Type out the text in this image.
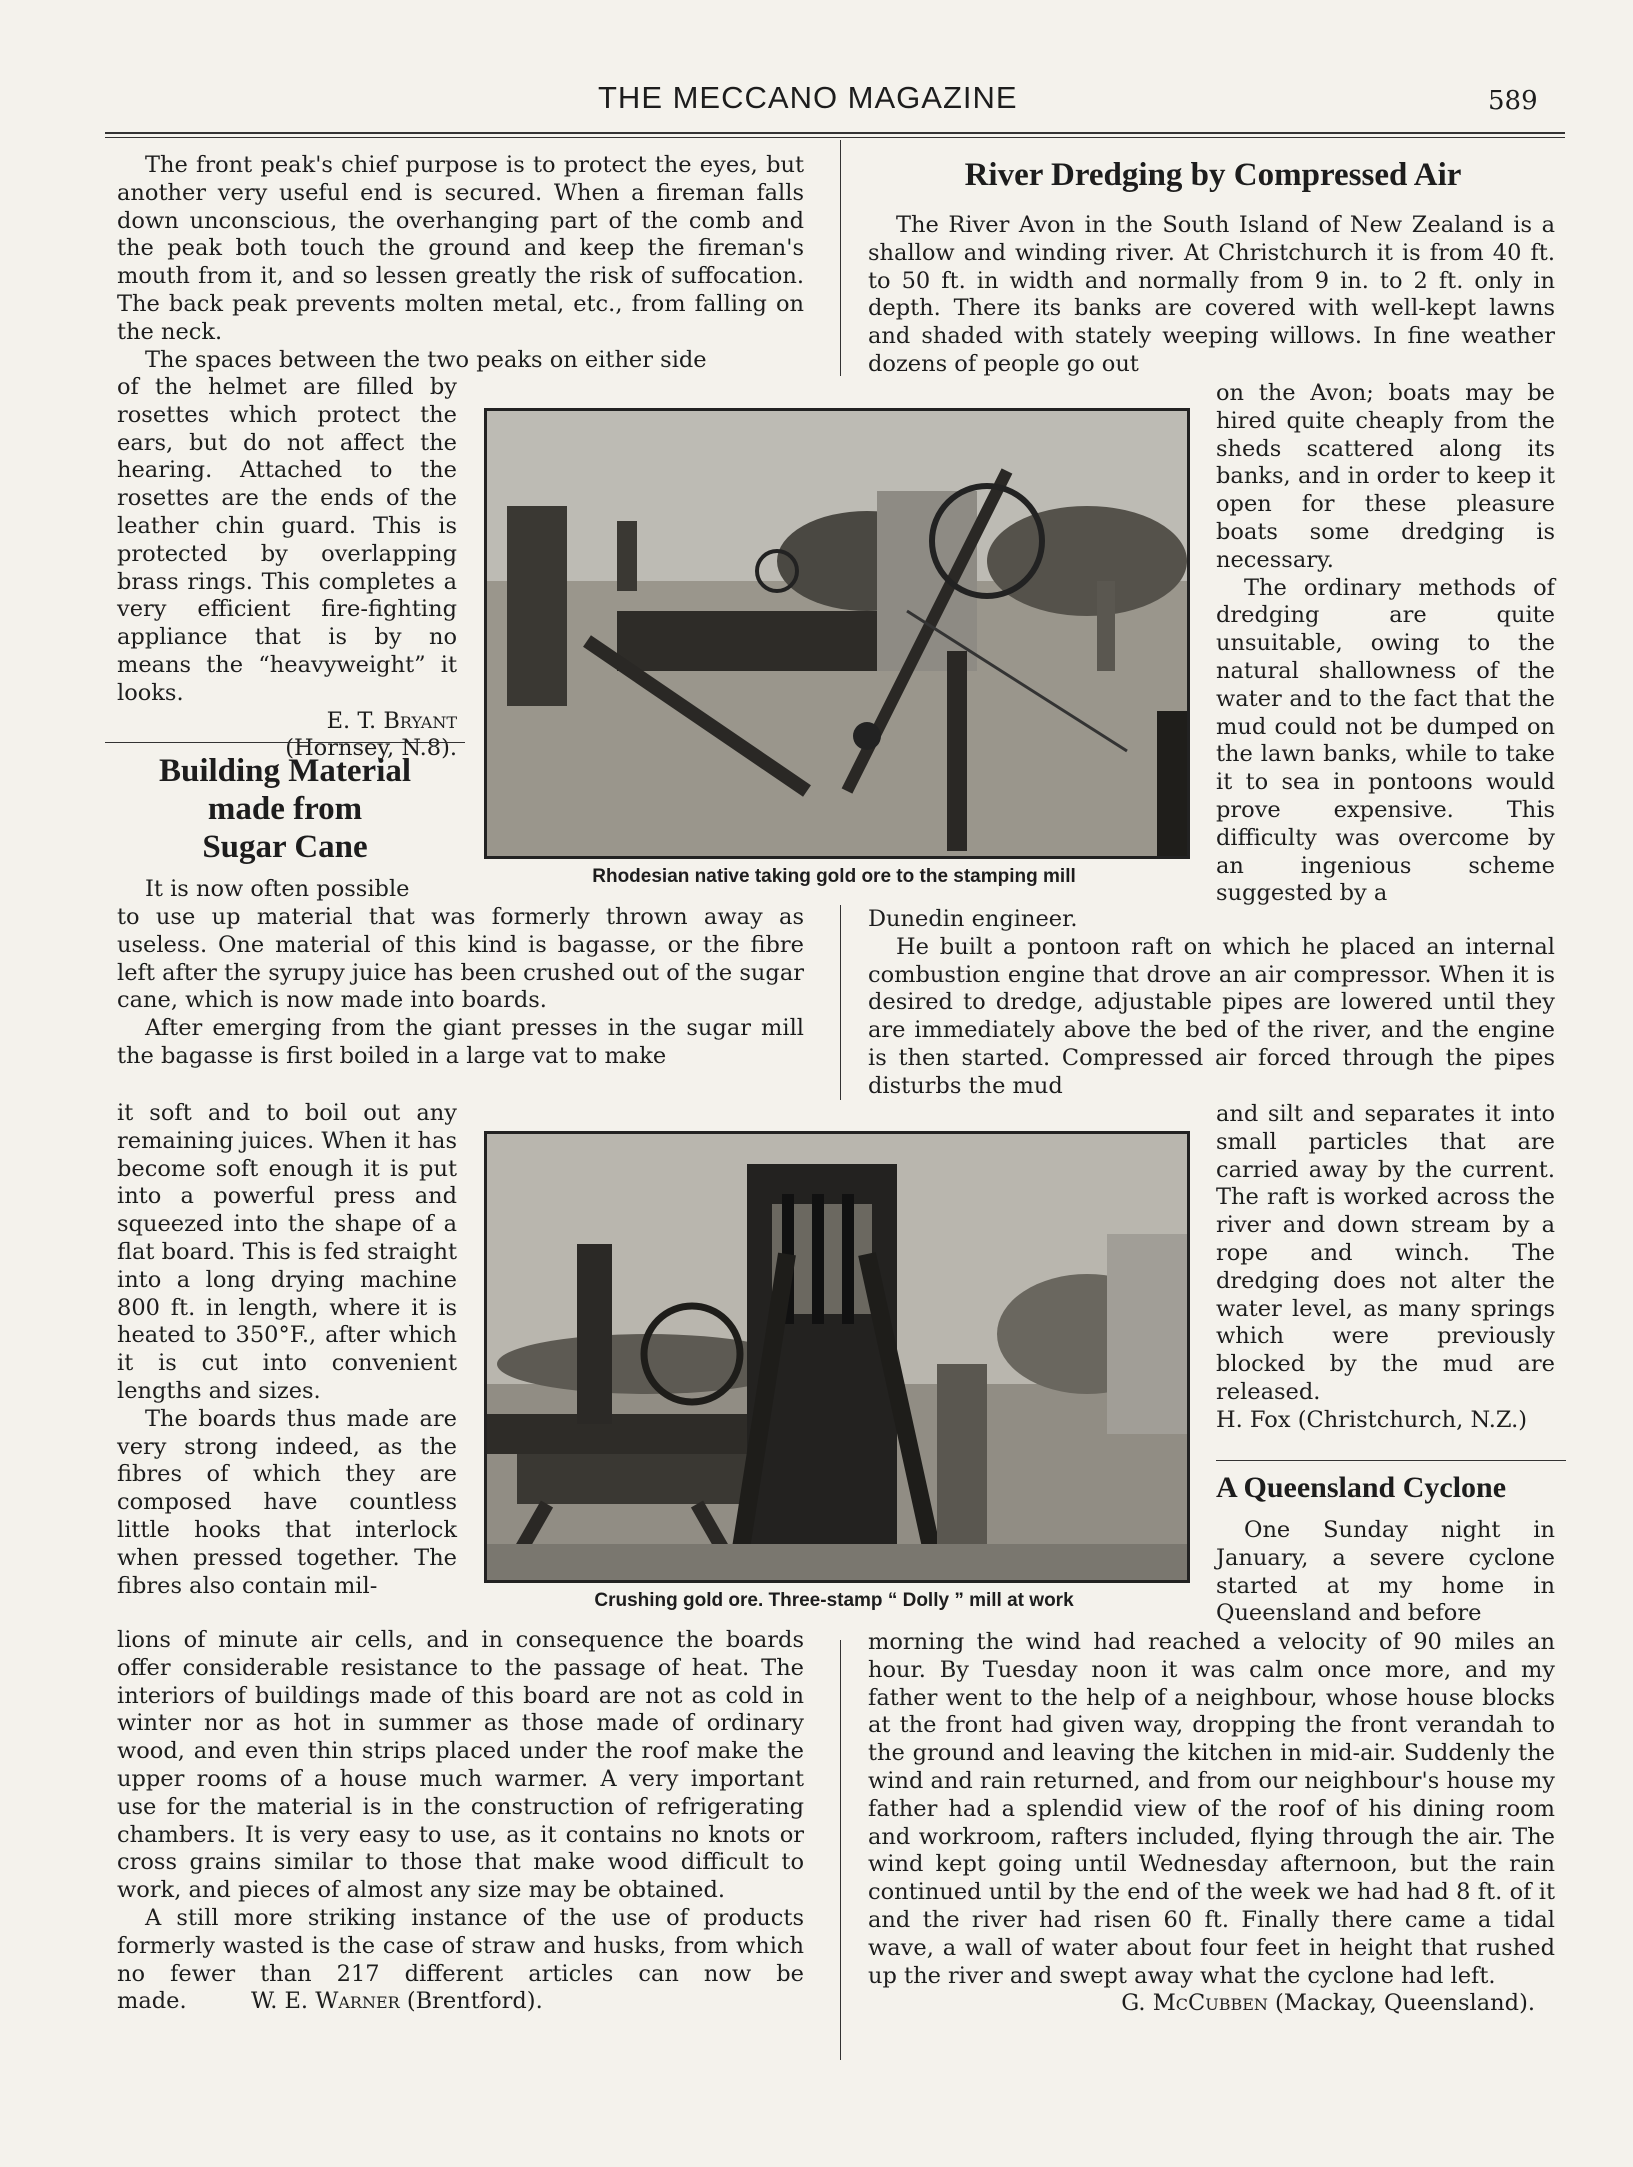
THE MECCANO MAGAZINE	589

The front peak's chief purpose is to protect the eyes, but another very useful end is secured. When a fireman falls down unconscious, the overhanging part of the comb and the peak both touch the ground and keep the fireman's mouth from it, and so lessen greatly the risk of suffocation. The back peak prevents molten metal, etc., from falling on the neck.

The spaces between the two peaks on either side

of the helmet are filled by rosettes which protect the ears, but do not affect the hearing. Attached to the rosettes are the ends of the leather chin guard. This is protected by overlapping brass rings. This completes a very efficient fire-fighting appliance that is by no means the “heavyweight” it looks.

E. T. Bryant

(Hornsey, N.8).

Building Material
made from
Sugar Cane

It is now often possible

to use up material that was formerly thrown away as useless. One material of this kind is bagasse, or the fibre left after the syrupy juice has been crushed out of the sugar cane, which is now made into boards.

After emerging from the giant presses in the sugar mill the bagasse is first boiled in a large vat to make

it soft and to boil out any remaining juices. When it has become soft enough it is put into a powerful press and squeezed into the shape of a flat board. This is fed straight into a long drying machine 800 ft. in length, where it is heated to 350°F., after which it is cut into convenient lengths and sizes.

The boards thus made are very strong indeed, as the fibres of which they are composed have countless little hooks that interlock when pressed together. The fibres also contain mil-

lions of minute air cells, and in consequence the boards offer considerable resistance to the passage of heat. The interiors of buildings made of this board are not as cold in winter nor as hot in summer as those made of ordinary wood, and even thin strips placed under the roof make the upper rooms of a house much warmer. A very important use for the material is in the construction of refrigerating chambers. It is very easy to use, as it contains no knots or cross grains similar to those that make wood difficult to work, and pieces of almost any size may be obtained.

A still more striking instance of the use of products formerly wasted is the case of straw and husks, from which no fewer than 217 different articles can now be made.	W. E. Warner (Brentford).

River Dredging by Compressed Air

The River Avon in the South Island of New Zealand is a shallow and winding river. At Christchurch it is from 40 ft. to 50 ft. in width and normally from 9 in. to 2 ft. only in depth. There its banks are covered with well-kept lawns and shaded with stately weeping willows. In fine weather dozens of people go out

on the Avon; boats may be hired quite cheaply from the sheds scattered along its banks, and in order to keep it open for these pleasure boats some dredging is necessary.

The ordinary methods of dredging are quite unsuitable, owing to the natural shallowness of the water and to the fact that the mud could not be dumped on the lawn banks, while to take it to sea in pontoons would prove expensive. This difficulty was overcome by an ingenious scheme suggested by a

Dunedin engineer.

He built a pontoon raft on which he placed an internal combustion engine that drove an air compressor. When it is desired to dredge, adjustable pipes are lowered until they are immediately above the bed of the river, and the engine is then started. Compressed air forced through the pipes disturbs the mud

and silt and separates it into small particles that are carried away by the current. The raft is worked across the river and down stream by a rope and winch. The dredging does not alter the water level, as many springs which were previously blocked by the mud are released.

H. Fox (Christchurch, N.Z.)

A Queensland Cyclone

One Sunday night in January, a severe cyclone started at my home in Queensland and before

morning the wind had reached a velocity of 90 miles an hour. By Tuesday noon it was calm once more, and my father went to the help of a neighbour, whose house blocks at the front had given way, dropping the front verandah to the ground and leaving the kitchen in mid-air. Suddenly the wind and rain returned, and from our neighbour's house my father had a splendid view of the roof of his dining room and workroom, rafters included, flying through the air. The wind kept going until Wednesday afternoon, but the rain continued until by the end of the week we had had 8 ft. of it and the river had risen 60 ft. Finally there came a tidal wave, a wall of water about four feet in height that rushed up the river and swept away what the cyclone had left.

G. McCubben (Mackay, Queensland).

Rhodesian native taking gold ore to the stamping mill
Crushing gold ore. Three-stamp “ Dolly ” mill at work
